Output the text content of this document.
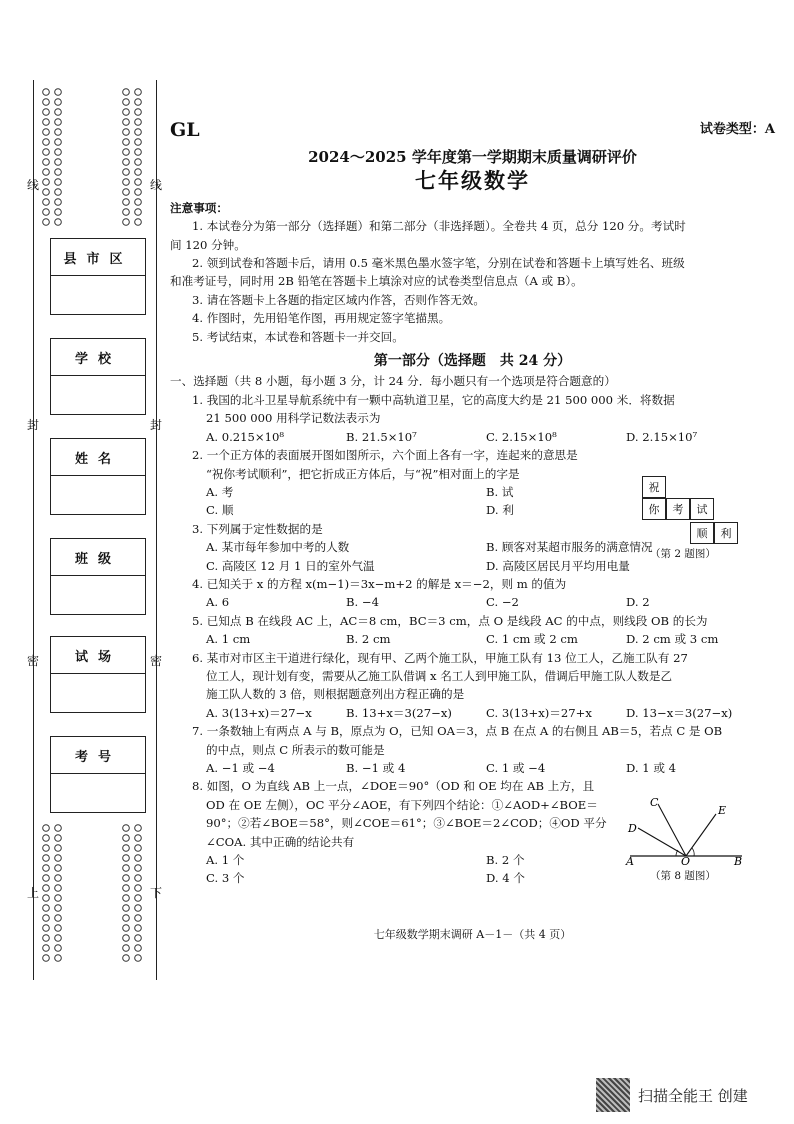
线
封
密
上
线
封
密
下
县市区
学校
姓名
班级
试场
考号
GL	试卷类型：A
2024～2025 学年度第一学期期末质量调研评价
七年级数学
注意事项：
1. 本试卷分为第一部分（选择题）和第二部分（非选择题）。全卷共 4 页，总分 120 分。考试时
间 120 分钟。
2. 领到试卷和答题卡后，请用 0.5 毫米黑色墨水签字笔，分别在试卷和答题卡上填写姓名、班级
和准考证号，同时用 2B 铅笔在答题卡上填涂对应的试卷类型信息点（A 或 B）。
3. 请在答题卡上各题的指定区域内作答，否则作答无效。
4. 作图时，先用铅笔作图，再用规定签字笔描黑。
5. 考试结束，本试卷和答题卡一并交回。
第一部分（选择题　共 24 分）
一、选择题（共 8 小题，每小题 3 分，计 24 分．每小题只有一个选项是符合题意的）
1. 我国的北斗卫星导航系统中有一颗中高轨道卫星，它的高度大约是 21 500 000 米．将数据
21 500 000 用科学记数法表示为
A. 0.215×10⁸	B. 21.5×10⁷	C. 2.15×10⁸	D. 2.15×10⁷
2. 一个正方体的表面展开图如图所示，六个面上各有一字，连起来的意思是
“祝你考试顺利”，把它折成正方体后，与“祝”相对面上的字是
A. 考	B. 试
C. 顺	D. 利
3. 下列属于定性数据的是
A. 某市每年参加中考的人数	B. 顾客对某超市服务的满意情况
C. 高陵区 12 月 1 日的室外气温	D. 高陵区居民月平均用电量
4. 已知关于 x 的方程 x(m−1)＝3x−m+2 的解是 x＝−2，则 m 的值为
A. 6	B. −4	C. −2	D. 2
5. 已知点 B 在线段 AC 上，AC＝8 cm，BC＝3 cm，点 O 是线段 AC 的中点，则线段 OB 的长为
A. 1 cm	B. 2 cm	C. 1 cm 或 2 cm	D. 2 cm 或 3 cm
6. 某市对市区主干道进行绿化，现有甲、乙两个施工队，甲施工队有 13 位工人，乙施工队有 27
位工人，现计划有变，需要从乙施工队借调 x 名工人到甲施工队，借调后甲施工队人数是乙
施工队人数的 3 倍，则根据题意列出方程正确的是
A. 3(13+x)＝27−x	B. 13+x＝3(27−x)	C. 3(13+x)＝27+x	D. 13−x＝3(27−x)
7. 一条数轴上有两点 A 与 B，原点为 O，已知 OA＝3，点 B 在点 A 的右侧且 AB＝5，若点 C 是 OB
的中点，则点 C 所表示的数可能是
A. −1 或 −4	B. −1 或 4	C. 1 或 −4	D. 1 或 4
8. 如图，O 为直线 AB 上一点，∠DOE＝90°（OD 和 OE 均在 AB 上方，且
OD 在 OE 左侧），OC 平分∠AOE，有下列四个结论：①∠AOD+∠BOE＝
90°；②若∠BOE＝58°，则∠COE＝61°；③∠BOE＝2∠COD；④OD 平分
∠COA. 其中正确的结论共有
A. 1 个	B. 2 个
C. 3 个	D. 4 个
七年级数学期末调研 A－1－（共 4 页）
祝
你	考	试
顺	利
（第 2 题图）
C
E
D
A	O	B
（第 8 题图）
扫描全能王 创建
